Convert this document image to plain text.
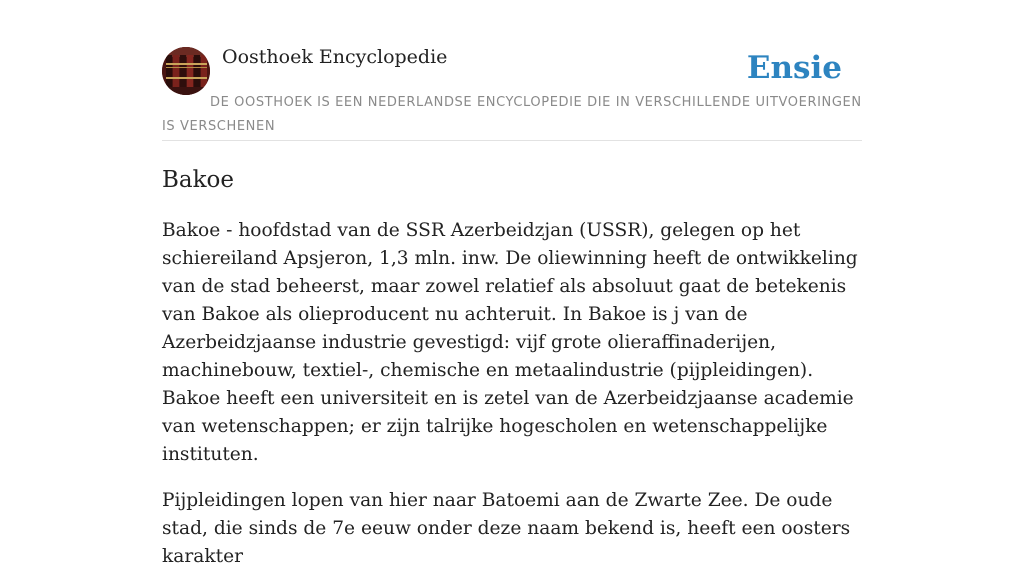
Oosthoek Encyclopedie	Ensie
DE OOSTHOEK IS EEN NEDERLANDSE ENCYCLOPEDIE DIE IN VERSCHILLENDE UITVOERINGEN IS VERSCHENEN
Bakoe

Bakoe - hoofdstad van de SSR Azerbeidzjan (USSR), gelegen op het schiereiland Apsjeron, 1,3 mln. inw. De oliewinning heeft de ontwikkeling van de stad beheerst, maar zowel relatief als absoluut gaat de betekenis van Bakoe als olieproducent nu achteruit. In Bakoe is j van de Azerbeidzjaanse industrie gevestigd: vijf grote olieraffinaderijen, machinebouw, textiel-, chemische en metaalindustrie (pijpleidingen). Bakoe heeft een universiteit en is zetel van de Azerbeidzjaanse academie van wetenschappen; er zijn talrijke hogescholen en wetenschappelijke instituten.

Pijpleidingen lopen van hier naar Batoemi aan de Zwarte Zee. De oude stad, die sinds de 7e eeuw onder deze naam bekend is, heeft een oosters karakter
